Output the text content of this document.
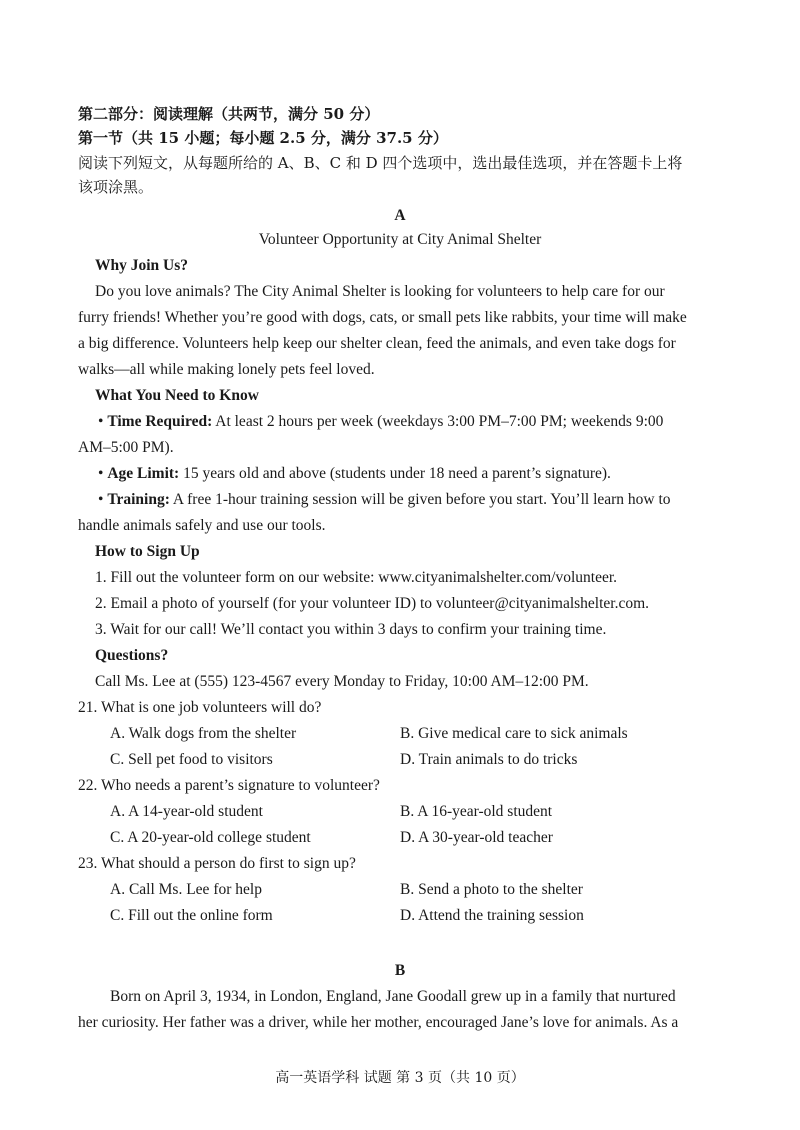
第二部分：阅读理解（共两节，满分 50 分）
第一节（共 15 小题；每小题 2.5 分，满分 37.5 分）
阅读下列短文，从每题所给的 A、B、C 和 D 四个选项中，选出最佳选项，并在答题卡上将
该项涂黑。
A
Volunteer Opportunity at City Animal Shelter
Why Join Us?
Do you love animals? The City Animal Shelter is looking for volunteers to help care for our
furry friends! Whether you’re good with dogs, cats, or small pets like rabbits, your time will make
a big difference. Volunteers help keep our shelter clean, feed the animals, and even take dogs for
walks—all while making lonely pets feel loved.
What You Need to Know
• Time Required: At least 2 hours per week (weekdays 3:00 PM–7:00 PM; weekends 9:00
AM–5:00 PM).
• Age Limit: 15 years old and above (students under 18 need a parent’s signature).
• Training: A free 1-hour training session will be given before you start. You’ll learn how to
handle animals safely and use our tools.
How to Sign Up
1. Fill out the volunteer form on our website: www.cityanimalshelter.com/volunteer.
2. Email a photo of yourself (for your volunteer ID) to volunteer@cityanimalshelter.com.
3. Wait for our call! We’ll contact you within 3 days to confirm your training time.
Questions?
Call Ms. Lee at (555) 123-4567 every Monday to Friday, 10:00 AM–12:00 PM.
21. What is one job volunteers will do?
A. Walk dogs from the shelter	B. Give medical care to sick animals
C. Sell pet food to visitors	D. Train animals to do tricks
22. Who needs a parent’s signature to volunteer?
A. A 14-year-old student	B. A 16-year-old student
C. A 20-year-old college student	D. A 30-year-old teacher
23. What should a person do first to sign up?
A. Call Ms. Lee for help	B. Send a photo to the shelter
C. Fill out the online form	D. Attend the training session
B
Born on April 3, 1934, in London, England, Jane Goodall grew up in a family that nurtured
her curiosity. Her father was a driver, while her mother, encouraged Jane’s love for animals. As a
高一英语学科 试题 第 3 页（共 10 页）
